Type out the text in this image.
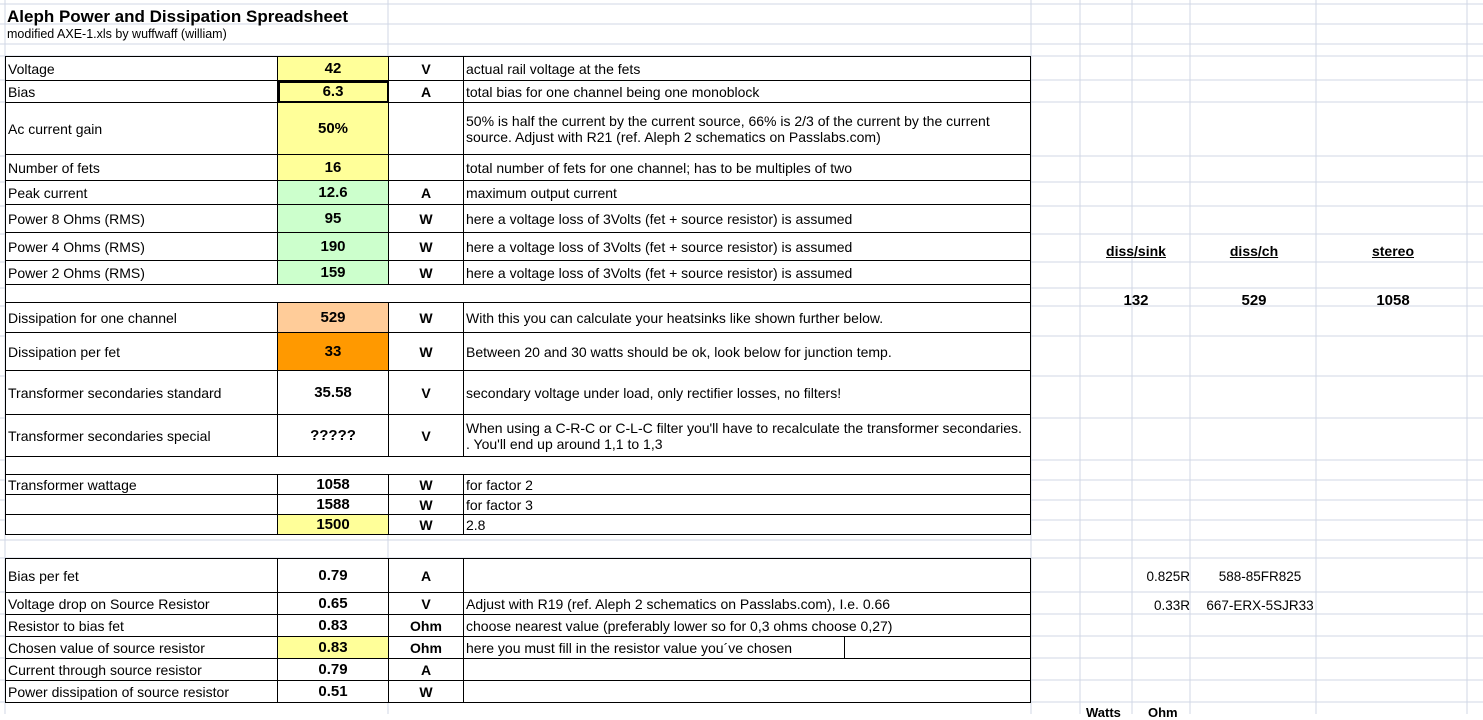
Aleph Power and Dissipation Spreadsheet
modified AXE-1.xls by wuffwaff (william)
Voltage	42	V	actual rail voltage at the fets
Bias	6.3	A	total bias for one channel being one monoblock
Ac current gain	50%		50% is half the current by the current source, 66% is 2/3 of the current by the current source. Adjust with R21 (ref. Aleph 2 schematics on Passlabs.com)
Number of fets	16		total number of fets for one channel; has to be multiples of two
Peak current	12.6	A	maximum output current
Power 8 Ohms (RMS)	95	W	here a voltage loss of 3Volts (fet + source resistor) is assumed
Power 4 Ohms (RMS)	190	W	here a voltage loss of 3Volts (fet + source resistor) is assumed
Power 2 Ohms (RMS)	159	W	here a voltage loss of 3Volts (fet + source resistor) is assumed

Dissipation for one channel	529	W	With this you can calculate your heatsinks like shown further below.
Dissipation per fet	33	W	Between 20 and 30 watts should be ok, look below for junction temp.
Transformer secondaries standard	35.58	V	secondary voltage under load, only rectifier losses, no filters!
Transformer secondaries special	?????	V	When using a C-R-C or C-L-C filter you'll have to recalculate the transformer secondaries. . You'll end up around 1,1 to 1,3

Transformer wattage	1058	W	for factor 2
	1588	W	for factor 3
	1500	W	2.8
Bias per fet	0.79	A	
Voltage drop on Source Resistor	0.65	V	Adjust with R19 (ref. Aleph 2 schematics on Passlabs.com), I.e. 0.66
Resistor to bias fet	0.83	Ohm	choose nearest value (preferably lower so for 0,3 ohms choose 0,27)
Chosen value of source resistor	0.83	Ohm	here you must fill in the resistor value you´ve chosen
Current through source resistor	0.79	A	
Power dissipation of source resistor	0.51	W	
diss/sink	diss/ch	stereo
132	529	1058
0.825R	588-85FR825
0.33R	667-ERX-5SJR33
Watts Ohm
